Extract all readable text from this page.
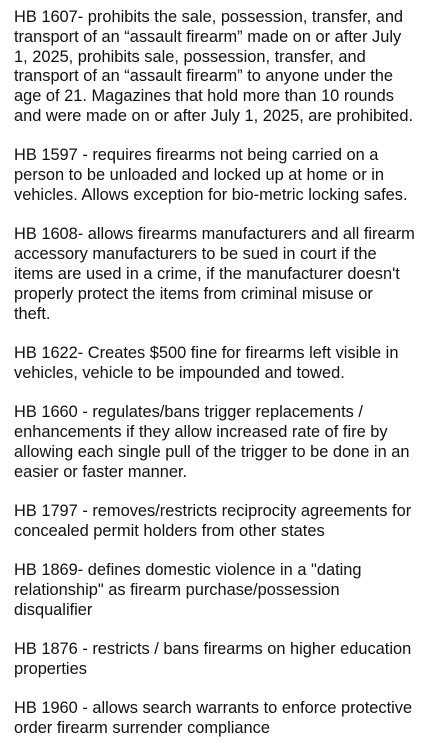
HB 1607- prohibits the sale, possession, transfer, and
transport of an “assault firearm” made on or after July
1, 2025, prohibits sale, possession, transfer, and
transport of an “assault firearm” to anyone under the
age of 21. Magazines that hold more than 10 rounds
and were made on or after July 1, 2025, are prohibited.

HB 1597 - requires firearms not being carried on a
person to be unloaded and locked up at home or in
vehicles. Allows exception for bio-metric locking safes.

HB 1608- allows firearms manufacturers and all firearm
accessory manufacturers to be sued in court if the
items are used in a crime, if the manufacturer doesn't
properly protect the items from criminal misuse or
theft.

HB 1622- Creates $500 fine for firearms left visible in
vehicles, vehicle to be impounded and towed.

HB 1660 - regulates/bans trigger replacements /
enhancements if they allow increased rate of fire by
allowing each single pull of the trigger to be done in an
easier or faster manner.

HB 1797 - removes/restricts reciprocity agreements for
concealed permit holders from other states

HB 1869- defines domestic violence in a "dating
relationship" as firearm purchase/possession
disqualifier

HB 1876 - restricts / bans firearms on higher education
properties

HB 1960 - allows search warrants to enforce protective
order firearm surrender compliance
